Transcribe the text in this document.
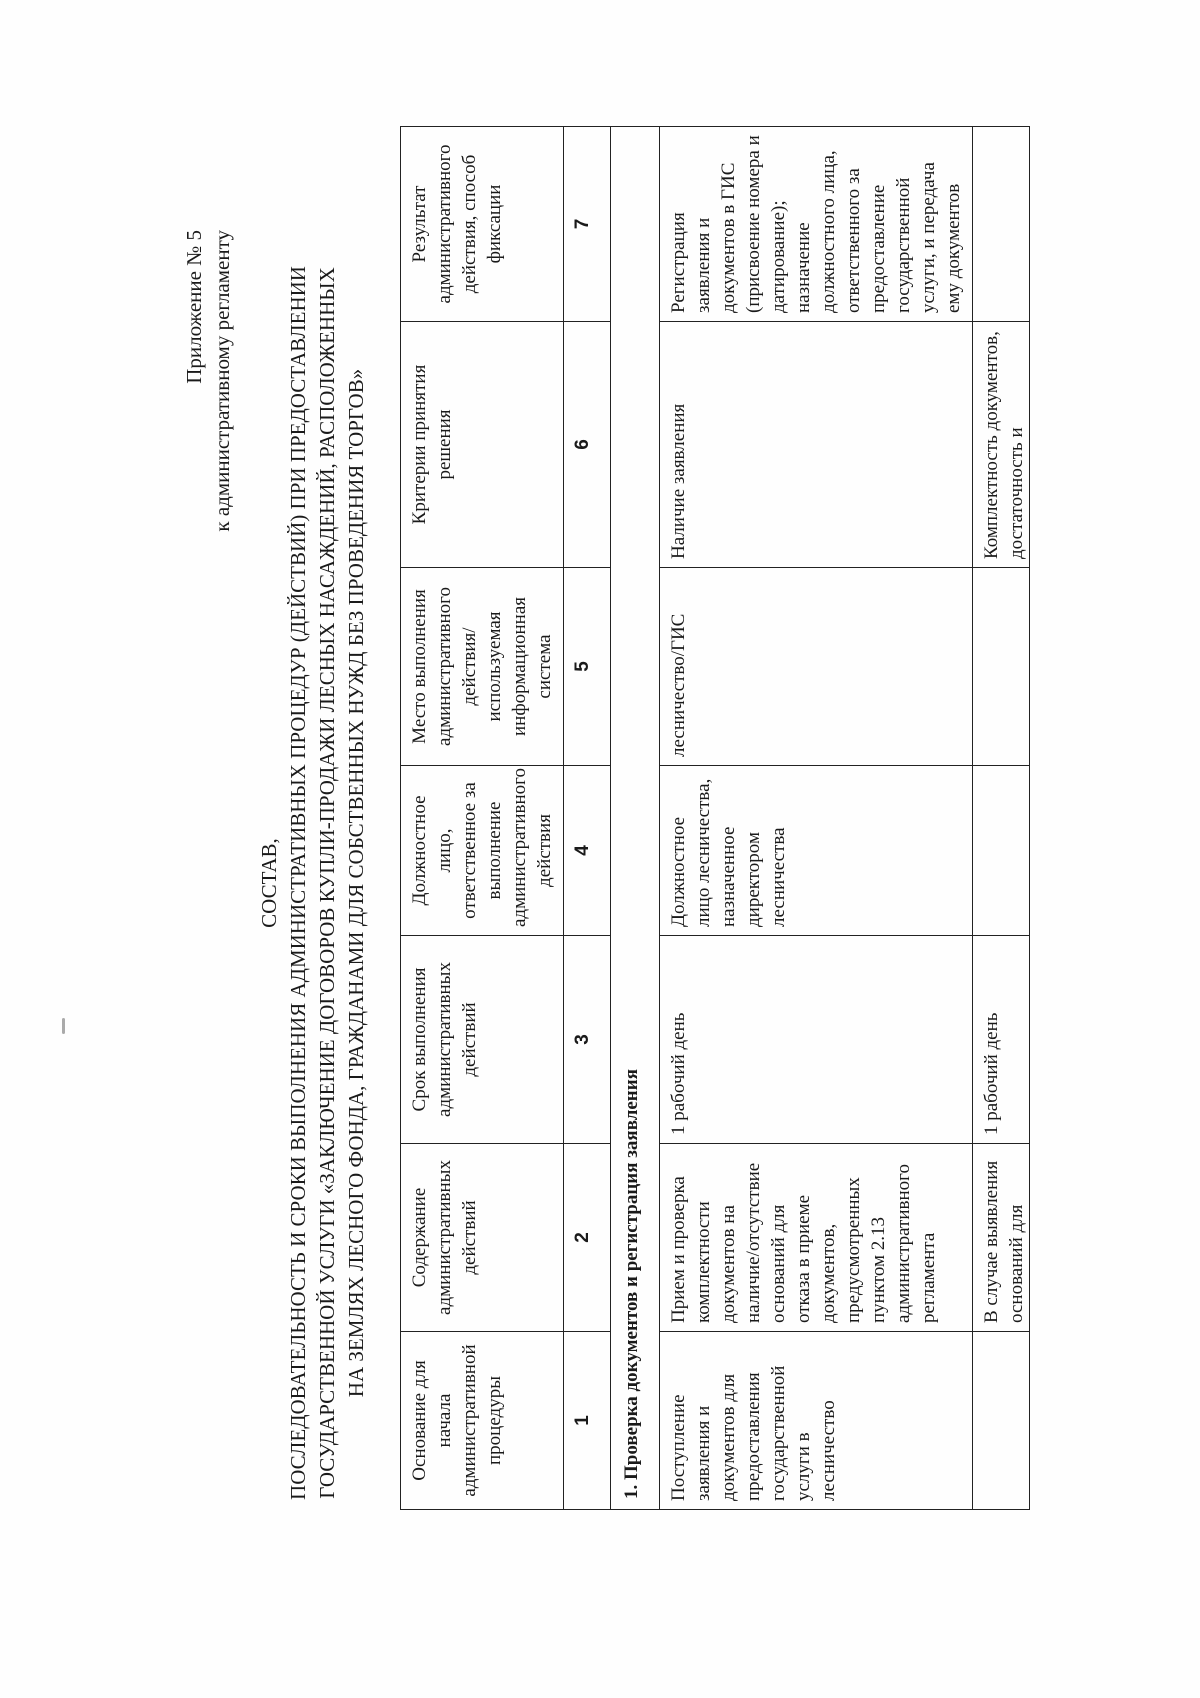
Приложение № 5 к административному регламенту
СОСТАВ, ПОСЛЕДОВАТЕЛЬНОСТЬ И СРОКИ ВЫПОЛНЕНИЯ АДМИНИСТРАТИВНЫХ ПРОЦЕДУР (ДЕЙСТВИЙ) ПРИ ПРЕДОСТАВЛЕНИИ ГОСУДАРСТВЕННОЙ УСЛУГИ «ЗАКЛЮЧЕНИЕ ДОГОВОРОВ КУПЛИ-ПРОДАЖИ ЛЕСНЫХ НАСАЖДЕНИЙ, РАСПОЛОЖЕННЫХ НА ЗЕМЛЯХ ЛЕСНОГО ФОНДА, ГРАЖДАНАМИ ДЛЯ СОБСТВЕННЫХ НУЖД БЕЗ ПРОВЕДЕНИЯ ТОРГОВ»
Основание для начала административной процедуры	Содержание административных действий	Срок выполнения административных действий	Должностное лицо, ответственное за выполнение административного действия	Место выполнения административного действия/используемая информационная система	Критерии принятия решения	Результат административного действия, способ фиксации
1	2	3	4	5	6	7
1. Проверка документов и регистрация заявления						
Поступление заявления и документов для предоставления государственной услуги в лесничество	Прием и проверка комплектности документов на наличие/отсутствие оснований для отказа в приеме документов, предусмотренных пунктом 2.13 административного регламента	1 рабочий день	Должностное лицо лесничества, назначенное директором лесничества	лесничество/ГИС	Наличие заявления	Регистрация заявления и документов в ГИС (присвоение номера и датирование); назначение должностного лица, ответственного за предоставление государственной услуги, и передача ему документов
	В случае выявления оснований для	1 рабочий день			Комплектность документов, достаточность и	
